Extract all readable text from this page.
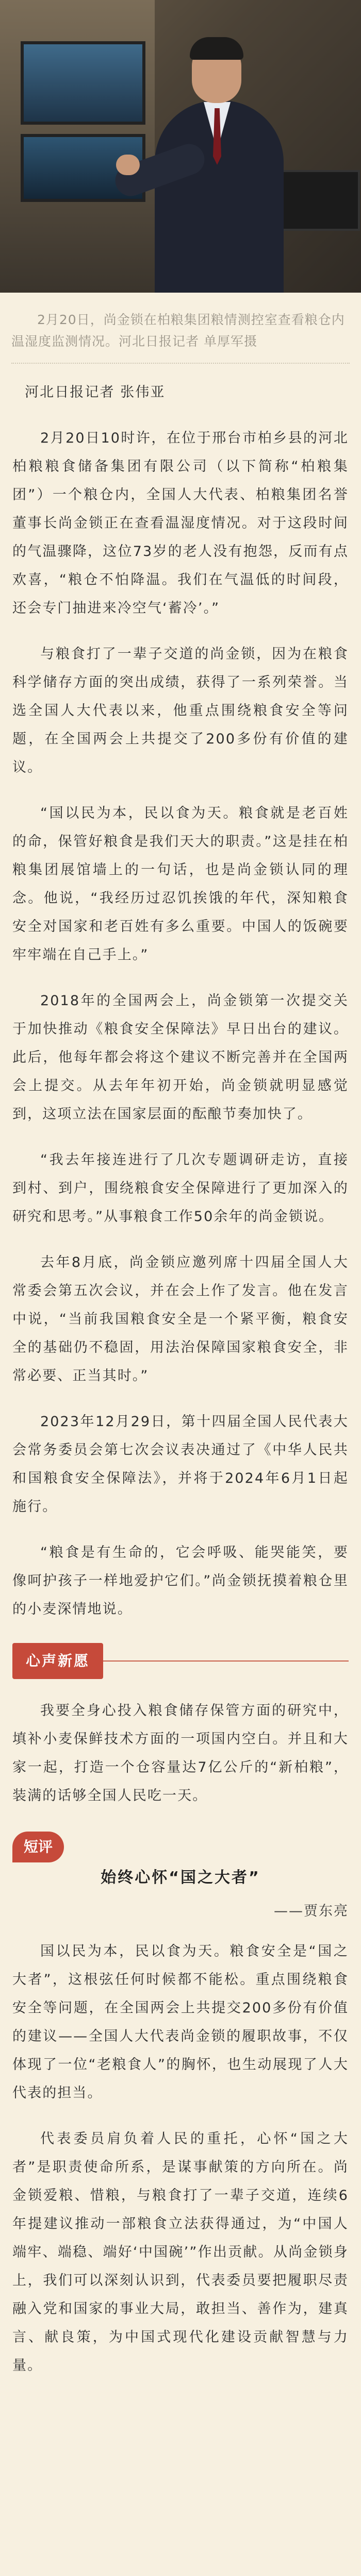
2月20日，尚金锁在柏粮集团粮情测控室查看粮仓内温湿度监测情况。河北日报记者 单厚军摄

河北日报记者 张伟亚

2月20日10时许，在位于邢台市柏乡县的河北柏粮粮食储备集团有限公司（以下简称“柏粮集团”）一个粮仓内，全国人大代表、柏粮集团名誉董事长尚金锁正在查看温湿度情况。对于这段时间的气温骤降，这位73岁的老人没有抱怨，反而有点欢喜，“粮仓不怕降温。我们在气温低的时间段，还会专门抽进来冷空气‘蓄冷’。”

与粮食打了一辈子交道的尚金锁，因为在粮食科学储存方面的突出成绩，获得了一系列荣誉。当选全国人大代表以来，他重点围绕粮食安全等问题，在全国两会上共提交了200多份有价值的建议。

“国以民为本，民以食为天。粮食就是老百姓的命，保管好粮食是我们天大的职责。”这是挂在柏粮集团展馆墙上的一句话，也是尚金锁认同的理念。他说，“我经历过忍饥挨饿的年代，深知粮食安全对国家和老百姓有多么重要。中国人的饭碗要牢牢端在自己手上。”

2018年的全国两会上，尚金锁第一次提交关于加快推动《粮食安全保障法》早日出台的建议。此后，他每年都会将这个建议不断完善并在全国两会上提交。从去年年初开始，尚金锁就明显感觉到，这项立法在国家层面的酝酿节奏加快了。

“我去年接连进行了几次专题调研走访，直接到村、到户，围绕粮食安全保障进行了更加深入的研究和思考。”从事粮食工作50余年的尚金锁说。

去年8月底，尚金锁应邀列席十四届全国人大常委会第五次会议，并在会上作了发言。他在发言中说，“当前我国粮食安全是一个紧平衡，粮食安全的基础仍不稳固，用法治保障国家粮食安全，非常必要、正当其时。”

2023年12月29日，第十四届全国人民代表大会常务委员会第七次会议表决通过了《中华人民共和国粮食安全保障法》，并将于2024年6月1日起施行。

“粮食是有生命的，它会呼吸、能哭能笑，要像呵护孩子一样地爱护它们。”尚金锁抚摸着粮仓里的小麦深情地说。

心声新愿

我要全身心投入粮食储存保管方面的研究中，填补小麦保鲜技术方面的一项国内空白。并且和大家一起，打造一个仓容量达7亿公斤的“新柏粮”，装满的话够全国人民吃一天。

短评
始终心怀“国之大者”
——贾东亮

国以民为本，民以食为天。粮食安全是“国之大者”，这根弦任何时候都不能松。重点围绕粮食安全等问题，在全国两会上共提交200多份有价值的建议——全国人大代表尚金锁的履职故事，不仅体现了一位“老粮食人”的胸怀，也生动展现了人大代表的担当。

代表委员肩负着人民的重托，心怀“国之大者”是职责使命所系，是谋事献策的方向所在。尚金锁爱粮、惜粮，与粮食打了一辈子交道，连续6年提建议推动一部粮食立法获得通过，为“中国人端牢、端稳、端好‘中国碗’”作出贡献。从尚金锁身上，我们可以深刻认识到，代表委员要把履职尽责融入党和国家的事业大局，敢担当、善作为，建真言、献良策，为中国式现代化建设贡献智慧与力量。
